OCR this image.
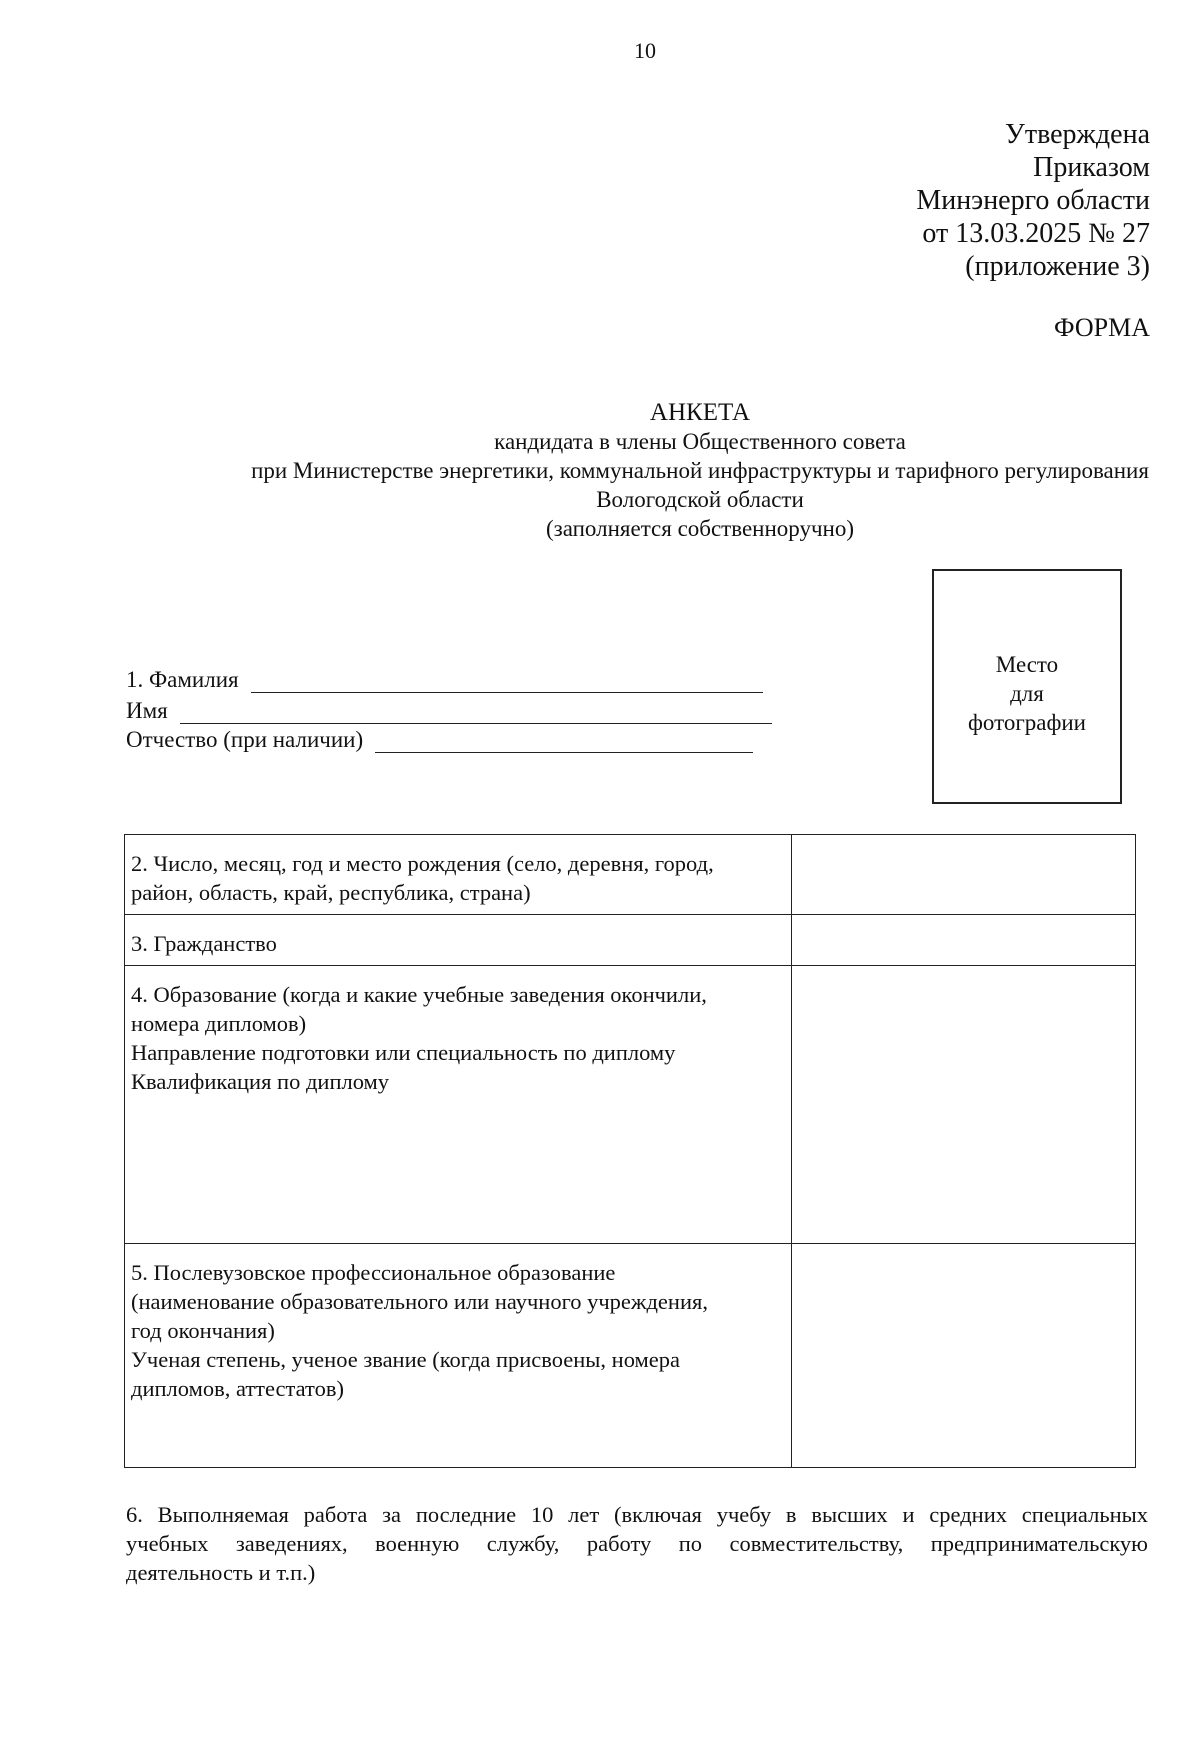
10
Утверждена
Приказом
Минэнерго области
от 13.03.2025 № 27
(приложение 3)
ФОРМА
АНКЕТА
кандидата в члены Общественного совета
при Министерстве энергетики, коммунальной инфраструктуры и тарифного регулирования
Вологодской области
(заполняется собственноручно)
Место
для
фотографии
1. Фамилия
Имя
Отчество (при наличии)
2. Число, месяц, год и место рождения (село, деревня, город,
район, область, край, республика, страна)	

3. Гражданство	

4. Образование (когда и какие учебные заведения окончили,
номера дипломов)
Направление подготовки или специальность по диплому
Квалификация по диплому	

5. Послевузовское профессиональное образование
(наименование образовательного или научного учреждения,
год окончания)
Ученая степень, ученое звание (когда присвоены, номера
дипломов, аттестатов)	

6. Выполняемая работа за последние 10 лет (включая учебу в высших и средних специальных
учебных заведениях, военную службу, работу по совместительству, предпринимательскую
деятельность и т.п.)
